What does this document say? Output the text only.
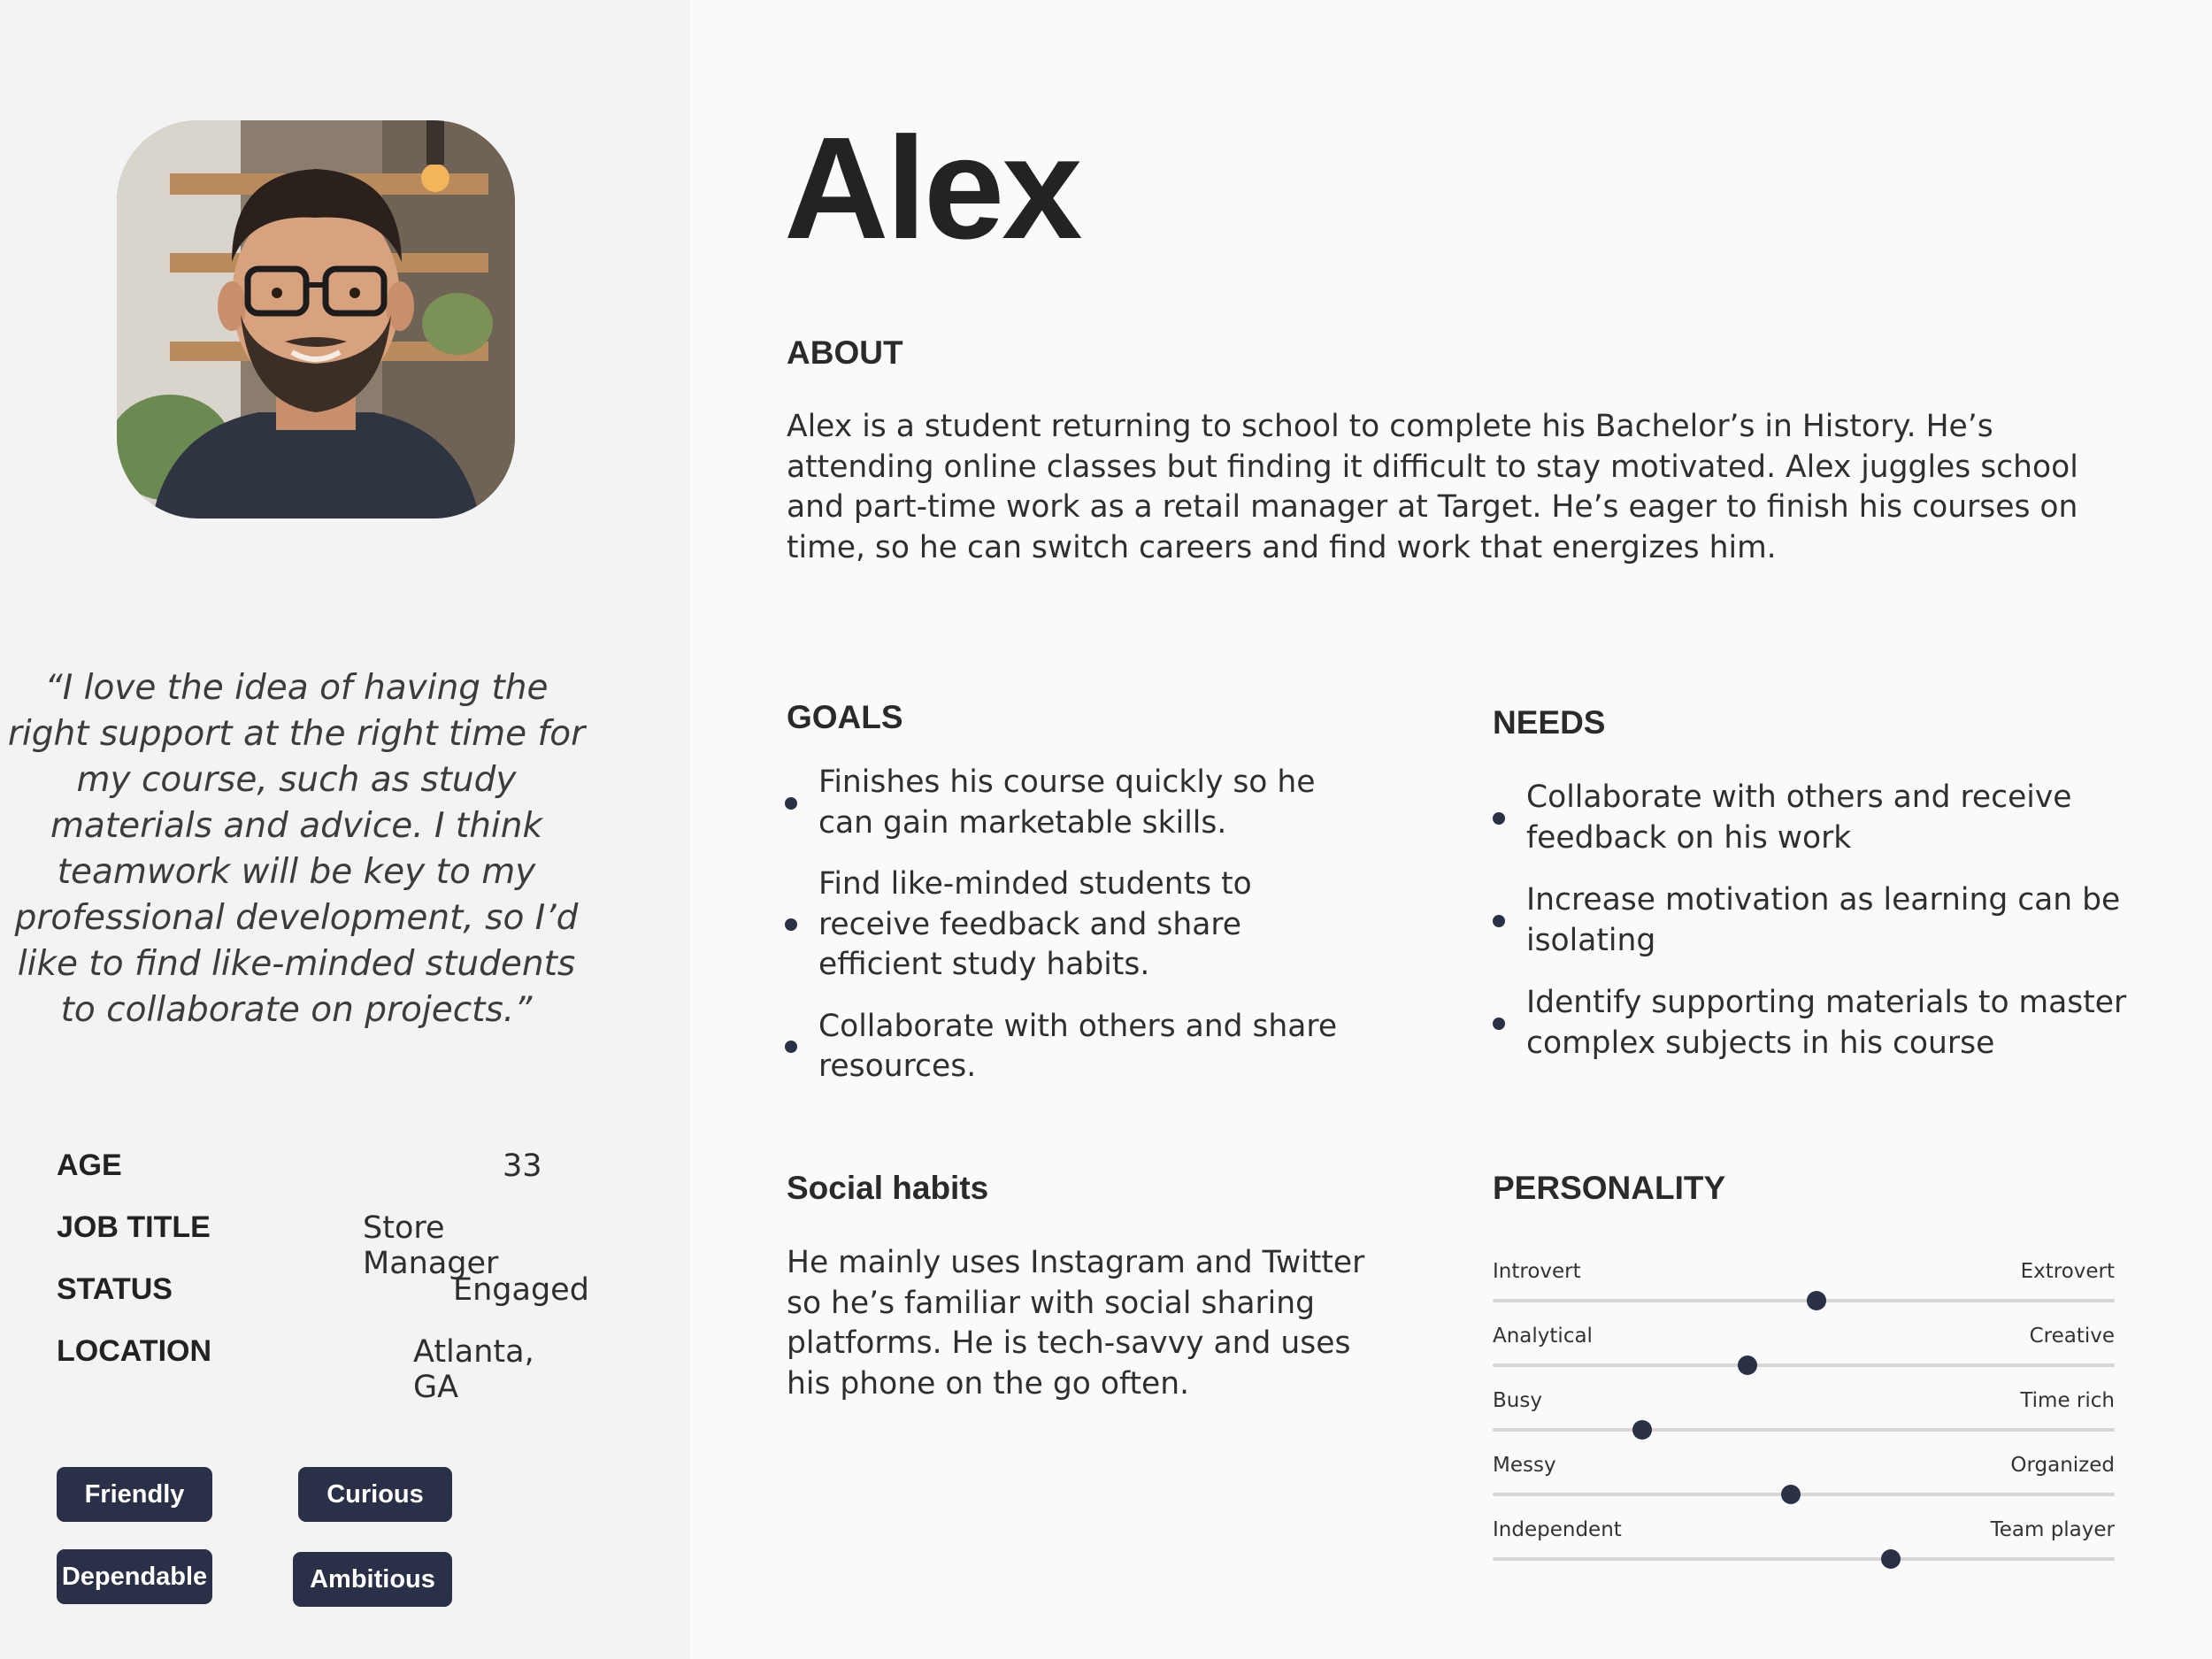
“I love the idea of having the right support at the right time for my course, such as study materials and advice. I think teamwork will be key to my professional development, so I’d like to find like-minded students to collaborate on projects.”
AGE	33
JOB TITLE	Store Manager
STATUS	Engaged
LOCATION	Atlanta, GA
Friendly	Curious
Dependable	Ambitious
Alex
ABOUT
Alex is a student returning to school to complete his Bachelor’s in History. He’s attending online classes but finding it difficult to stay motivated. Alex juggles school and part-time work as a retail manager at Target. He’s eager to finish his courses on time, so he can switch careers and find work that energizes him.
GOALS
Finishes his course quickly so he can gain marketable skills.
Find like-minded students to receive feedback and share efficient study habits.
Collaborate with others and share resources.
NEEDS
Collaborate with others and receive feedback on his work
Increase motivation as learning can be isolating
Identify supporting materials to master complex subjects in his course
Social habits
He mainly uses Instagram and Twitter so he’s familiar with social sharing platforms. He is tech-savvy and uses his phone on the go often.
PERSONALITY
Introvert	Extrovert
Analytical	Creative
Busy	Time rich
Messy	Organized
Independent	Team player
